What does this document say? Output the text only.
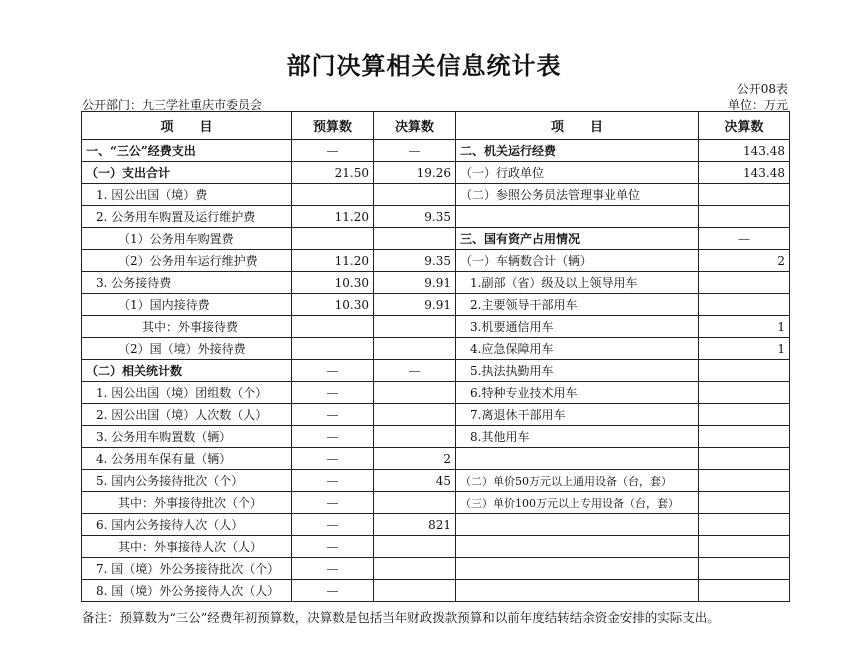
部门决算相关信息统计表
公开08表
公开部门：九三学社重庆市委员会	单位：万元
项　　目	预算数	决算数	项　　目	决算数
一、“三公”经费支出	—	—	二、机关运行经费	143.48
（一）支出合计	21.50	19.26	（一）行政单位	143.48
1. 因公出国（境）费			（二）参照公务员法管理事业单位	
2. 公务用车购置及运行维护费	11.20	9.35		
（1）公务用车购置费			三、国有资产占用情况	—
（2）公务用车运行维护费	11.20	9.35	（一）车辆数合计（辆）	2
3. 公务接待费	10.30	9.91	1.副部（省）级及以上领导用车	
（1）国内接待费	10.30	9.91	2.主要领导干部用车	
其中：外事接待费			3.机要通信用车	1
（2）国（境）外接待费			4.应急保障用车	1
（二）相关统计数	—	—	5.执法执勤用车	
1. 因公出国（境）团组数（个）	—		6.特种专业技术用车	
2. 因公出国（境）人次数（人）	—		7.离退休干部用车	
3. 公务用车购置数（辆）	—		8.其他用车	
4. 公务用车保有量（辆）	—	2		
5. 国内公务接待批次（个）	—	45	（二）单价50万元以上通用设备（台，套）	
其中：外事接待批次（个）	—		（三）单价100万元以上专用设备（台，套）	
6. 国内公务接待人次（人）	—	821		
其中：外事接待人次（人）	—			
7. 国（境）外公务接待批次（个）	—			
8. 国（境）外公务接待人次（人）	—			
备注：预算数为“三公”经费年初预算数，决算数是包括当年财政拨款预算和以前年度结转结余资金安排的实际支出。
